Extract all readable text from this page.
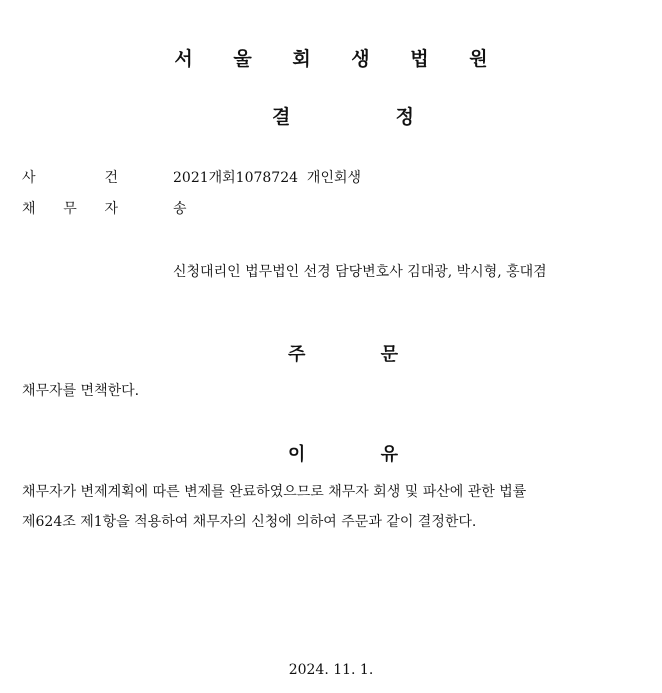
서 울 회 생 법 원
결	정
사	건	2021개회1078724  개인회생
채 무 자	송
신청대리인 법무법인 선경 담당변호사 김대광, 박시형, 홍대겸
주	문
채무자를 면책한다.
이	유
채무자가 변제계획에 따른 변제를 완료하였으므로 채무자 회생 및 파산에 관한 법률
제624조 제1항을 적용하여 채무자의 신청에 의하여 주문과 같이 결정한다.
2024. 11. 1.
